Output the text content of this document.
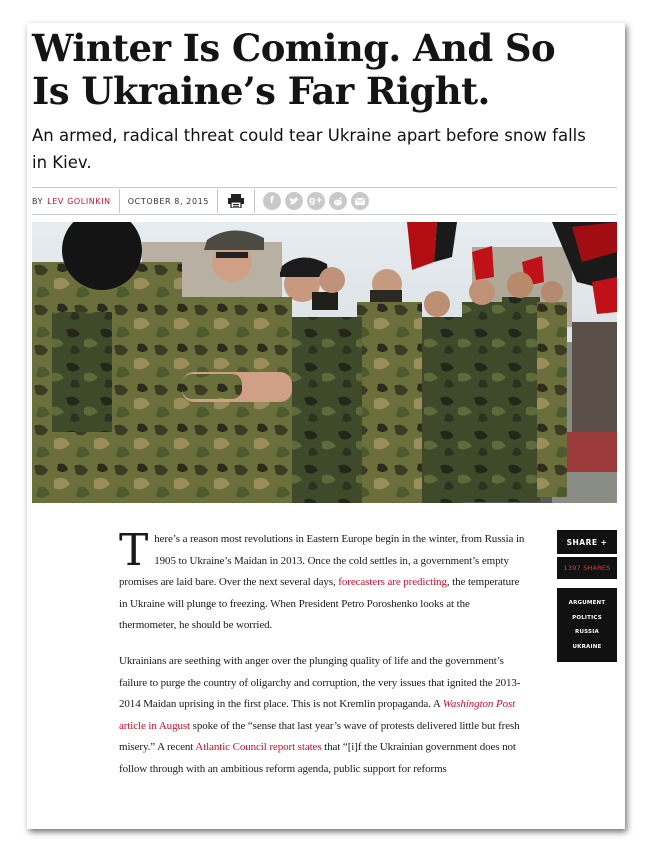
Winter Is Coming. And So Is Ukraine’s Far Right.
An armed, radical threat could tear Ukraine apart before snow falls in Kiev.
BY LEV GOLINKIN	OCTOBER 8, 2015	f	g+

There’s a reason most revolutions in Eastern Europe begin in the winter, from Russia in 1905 to Ukraine’s Maidan in 2013. Once the cold settles in, a government’s empty promises are laid bare. Over the next several days, forecasters are predicting, the temperature in Ukraine will plunge to freezing. When President Petro Poroshenko looks at the thermometer, he should be worried.

Ukrainians are seething with anger over the plunging quality of life and the government’s failure to purge the country of oligarchy and corruption, the very issues that ignited the 2013-2014 Maidan uprising in the first place. This is not Kremlin propaganda. A Washington Post article in August spoke of the “sense that last year’s wave of protests delivered little but fresh misery.” A recent Atlantic Council report states that “[i]f the Ukrainian government does not follow through with an ambitious reform agenda, public support for reforms

SHARE +
1397 SHARES
ARGUMENT
POLITICS
RUSSIA
UKRAINE
